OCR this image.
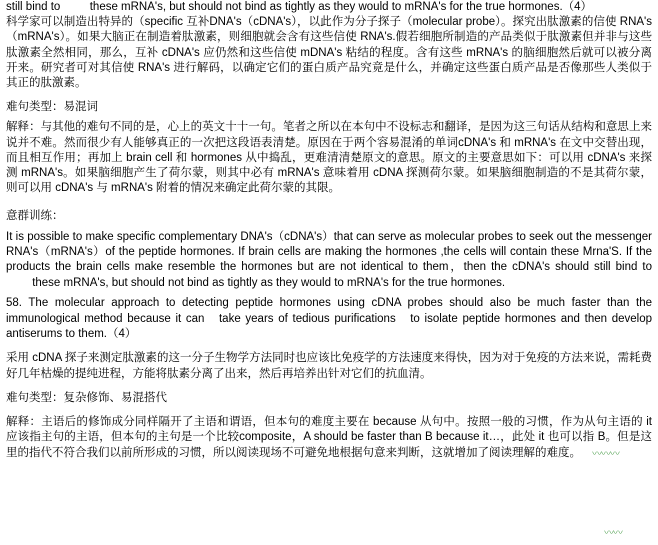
still bind to 　　 these mRNA's, but should not bind as tightly as they would to mRNA's for the true hormones.（4）

科学家可以制造出特异的（specific 互补DNA's（cDNA's），以此作为分子探子（molecular probe）。探究出肽激素的信使 RNA's（mRNA's）。如果大脑正在制造着肽激素，则细胞就会含有这些信使 RNA's.假若细胞所制造的产品类似于肽激素但并非与这些肽激素全然相同，那么，互补 cDNA's 应仍然和这些信使 mDNA's 粘结的程度。含有这些 mRNA's 的脑细胞然后就可以被分离开来。研究者可对其信使 RNA's 进行解码，以确定它们的蛋白质产品究竟是什么，并确定这些蛋白质产品是否像那些人类似于其正的肽激素。

难句类型：易混词

解释：与其他的难句不同的是，心上的英文十十一句。笔者之所以在本句中不设标志和翻译，是因为这三句话从结构和意思上来说并不难。然而很少有人能够真正的一次把这段语表清楚。原因在于两个容易混淆的单词cDNA's 和 mRNA's 在文中交替出现，而且相互作用；再加上 brain cell 和 hormones 从中捣乱，更难清清楚原文的意思。原文的主要意思如下：可以用 cDNA's 来探测 mRNA's。如果脑细胞产生了荷尔蒙，则其中必有 mRNA's 意味着用 cDNA 探测荷尔蒙。如果脑细胞制造的不是其荷尔蒙，则可以用 cDNA's 与 mRNA's 附着的情况来确定此荷尔蒙的其限。

意群训练：

It is possible to make specific complementary DNA's（cDNA's）that can serve as molecular probes to seek out the messenger RNA's（mRNA's）of the peptide hormones. If brain cells are making the hormones ,the cells will contain these Mrna'S. If the products the brain cells make resemble the hormones but are not identical to them，then the cDNA's should still bind to 　　 these mRNA's, but should not bind as tightly as they would to mRNA's for the true hormones.

58. The molecular approach to detecting peptide hormones using cDNA probes should also be much faster than the immunological method because it can　take years of tedious purifications　to isolate peptide hormones and then develop antiserums to them.（4）

采用 cDNA 探子来测定肽激素的这一分子生物学方法同时也应该比免疫学的方法速度来得快，因为对于免疫的方法来说，需耗费好几年枯燥的提纯进程，方能将肽素分离了出来，然后再培养出针对它们的抗血清。

难句类型：复杂修饰、易混搭代

解释：主语后的修饰成分同样隔开了主语和谓语，但本句的难度主要在 because 从句中。按照一般的习惯，作为从句主语的 it 应该指主句的主语，但本句的主句是一个比较composite，A should be faster than B because it…，此处 it 也可以指 B。但是这里的指代不符合我们以前所形成的习惯，所以阅读现场不可避免地根据句意来判断，这就增加了阅读理解的难度。	〰〰〰
〰〰
